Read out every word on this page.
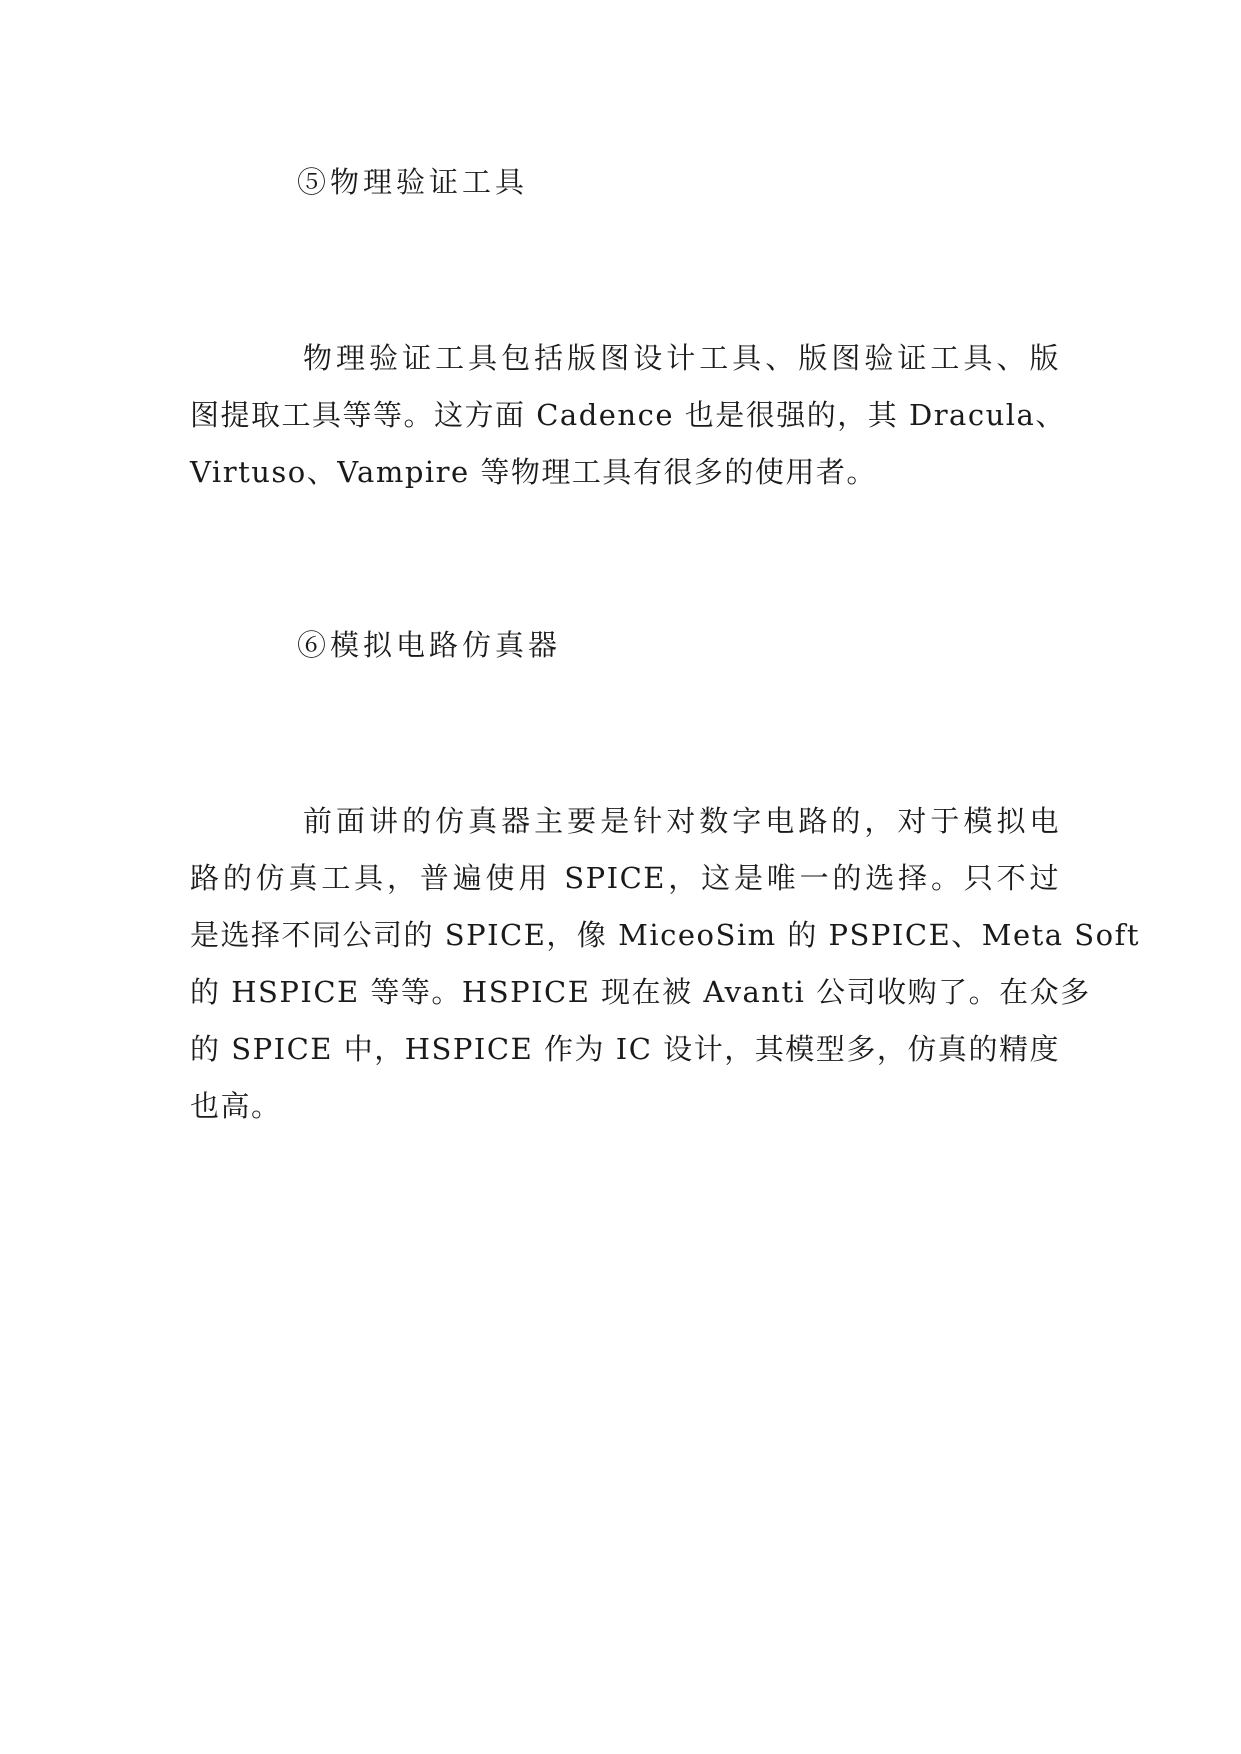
⑤物理验证工具
物理验证工具包括版图设计工具、版图验证工具、版
图提取工具等等。这方面 Cadence 也是很强的，其 Dracula、
Virtuso、Vampire 等物理工具有很多的使用者。
⑥模拟电路仿真器
前面讲的仿真器主要是针对数字电路的，对于模拟电
路的仿真工具，普遍使用 SPICE，这是唯一的选择。只不过
是选择不同公司的 SPICE，像 MiceoSim 的 PSPICE、Meta Soft
的 HSPICE 等等。HSPICE 现在被 Avanti 公司收购了。在众多
的 SPICE 中，HSPICE 作为 IC 设计，其模型多，仿真的精度
也高。
